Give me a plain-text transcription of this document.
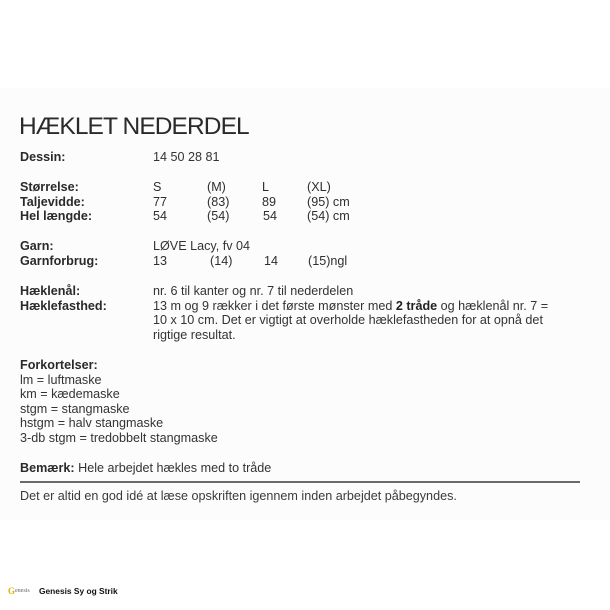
HÆKLET NEDERDEL
Dessin:	14 50 28 81
Størrelse:	S	(M)	L	(XL)
Taljevidde:	77	(83)	89 (95) cm
Hel længde:	54	(54)	54 (54) cm
Garn:	LØVE Lacy, fv 04
Garnforbrug:	13	(14)	14 (15)ngl
Hæklenål:	nr. 6 til kanter og nr. 7 til nederdelen
Hæklefasthed:	13 m og 9 rækker i det første mønster med 2 tråde og hæklenål nr. 7 =
10 x 10 cm. Det er vigtigt at overholde hæklefastheden for at opnå det
rigtige resultat.
Forkortelser:
lm = luftmaske
km = kædemaske
stgm = stangmaske
hstgm = halv stangmaske
3-db stgm = tredobbelt stangmaske
Bemærk: Hele arbejdet hækles med to tråde
Det er altid en god idé at læse opskriften igennem inden arbejdet påbegyndes.
G enesis Genesis Sy og Strik
